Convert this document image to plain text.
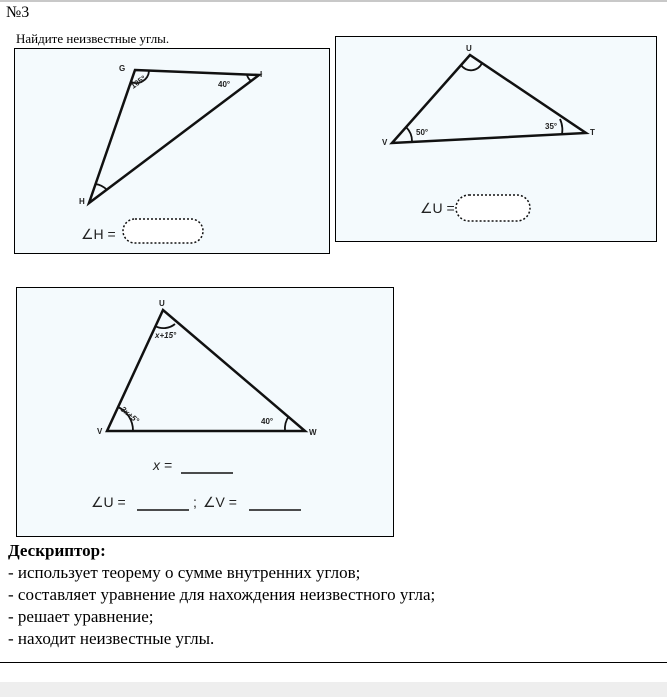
№3
Найдите неизвестные углы.
G
I
H
105°	40°
∠H =
U
V
T
50°
35°
∠U =
U
V	W
x+15°
3x+5°	40°
x =
∠U =	; ∠V =
Дескриптор:
- использует теорему о сумме внутренних углов;
- составляет уравнение для нахождения неизвестного угла;
- решает уравнение;
- находит неизвестные углы.
